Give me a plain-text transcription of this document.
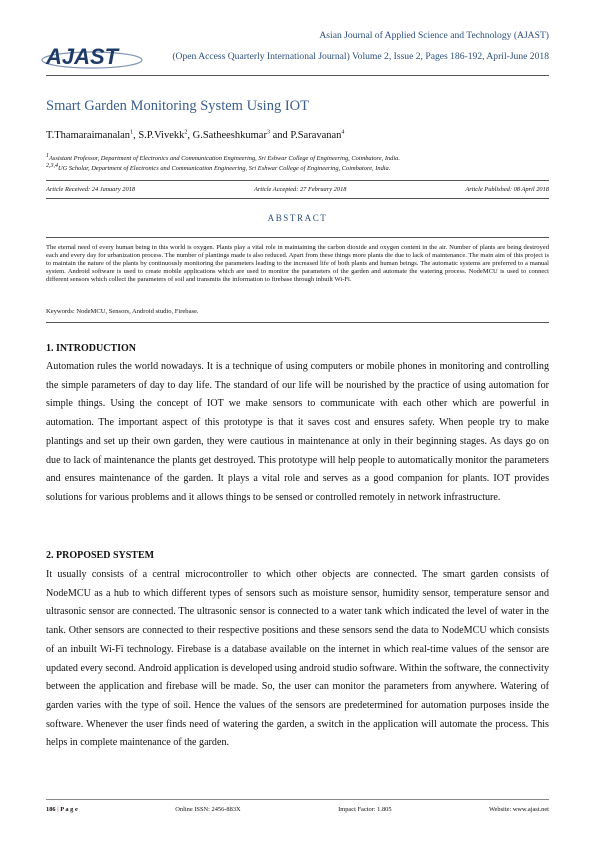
AJAST
Asian Journal of Applied Science and Technology (AJAST)
(Open Access Quarterly International Journal) Volume 2, Issue 2, Pages 186-192, April-June 2018
Smart Garden Monitoring System Using IOT
T.Thamaraimanalan$^1$, S.P.Vivekk$^2$, G.Satheeshkumar$^3$ and P.Saravanan$^4$
$^1$Assistant Professor, Department of Electronics and Communication Engineering, Sri Eshwar College of Engineering, Coimbatore, India.
$^{2,3,4}$UG Scholar, Department of Electronics and Communication Engineering, Sri Eshwar College of Engineering, Coimbatore, India.
Article Received: 24 January 2018	Article Accepted: 27 February 2018	Article Published: 08 April 2018
ABSTRACT
The eternal need of every human being in this world is oxygen. Plants play a vital role in maintaining the carbon dioxide and oxygen content in the air. Number of plants are being destroyed each and every day for urbanization process. The number of plantings made is also reduced. Apart from these things more plants die due to lack of maintenance. The main aim of this project is to maintain the nature of the plants by continuously monitoring the parameters leading to the increased life of both plants and human beings. The automatic systems are preferred to a manual system. Android software is used to create mobile applications which are used to monitor the parameters of the garden and automate the watering process. NodeMCU is used to connect different sensors which collect the parameters of soil and transmits the information to firebase through inbuilt Wi-Fi.
Keywords: NodeMCU, Sensors, Android studio, Firebase.
1. INTRODUCTION
Automation rules the world nowadays. It is a technique of using computers or mobile phones in monitoring and controlling the simple parameters of day to day life. The standard of our life will be nourished by the practice of using automation for simple things. Using the concept of IOT we make sensors to communicate with each other which are powerful in automation. The important aspect of this prototype is that it saves cost and ensures safety. When people try to make plantings and set up their own garden, they were cautious in maintenance at only in their beginning stages. As days go on due to lack of maintenance the plants get destroyed. This prototype will help people to automatically monitor the parameters and ensures maintenance of the garden. It plays a vital role and serves as a good companion for plants. IOT provides solutions for various problems and it allows things to be sensed or controlled remotely in network infrastructure.
2. PROPOSED SYSTEM
It usually consists of a central microcontroller to which other objects are connected. The smart garden consists of NodeMCU as a hub to which different types of sensors such as moisture sensor, humidity sensor, temperature sensor and ultrasonic sensor are connected. The ultrasonic sensor is connected to a water tank which indicated the level of water in the tank. Other sensors are connected to their respective positions and these sensors send the data to NodeMCU which consists of an inbuilt Wi-Fi technology. Firebase is a database available on the internet in which real-time values of the sensor are updated every second. Android application is developed using android studio software. Within the software, the connectivity between the application and firebase will be made. So, the user can monitor the parameters from anywhere. Watering of garden varies with the type of soil. Hence the values of the sensors are predetermined for automation purposes inside the software. Whenever the user finds need of watering the garden, a switch in the application will automate the process. This helps in complete maintenance of the garden.
186 | P a g e	Online ISSN: 2456-883X	Impact Factor: 1.805	Website: www.ajast.net
